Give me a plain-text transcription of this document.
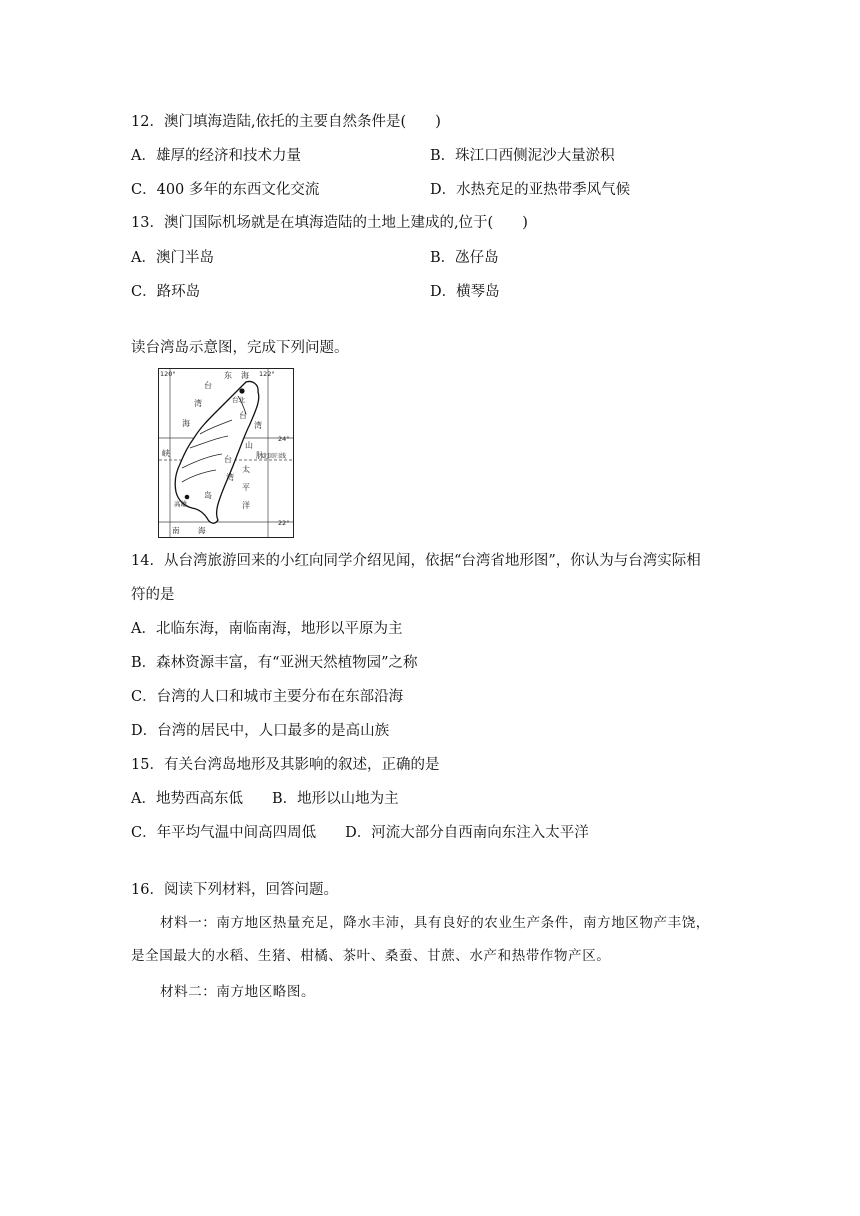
12．澳门填海造陆,依托的主要自然条件是(　　)
A．雄厚的经济和技术力量	B．珠江口西侧泥沙大量淤积
C．400 多年的东西文化交流	D．水热充足的亚热带季风气候
13．澳门国际机场就是在填海造陆的土地上建成的,位于(　　)
A．澳门半岛	B．氹仔岛
C．路环岛	D．横琴岛
读台湾岛示意图，完成下列问题。
120°	122°
24°
22°
北回归线
台北
高雄
东 海
台
湾
海
峡
台
湾
山
脉
太
平
洋
南 海
台
湾
岛
14．从台湾旅游回来的小红向同学介绍见闻，依据“台湾省地形图”，你认为与台湾实际相
符的是
A．北临东海，南临南海，地形以平原为主
B．森林资源丰富，有“亚洲天然植物园”之称
C．台湾的人口和城市主要分布在东部沿海
D．台湾的居民中，人口最多的是高山族
15．有关台湾岛地形及其影响的叙述，正确的是
A．地势西高东低　　B．地形以山地为主
C．年平均气温中间高四周低　　D．河流大部分自西南向东注入太平洋
16．阅读下列材料，回答问题。
材料一：南方地区热量充足，降水丰沛，具有良好的农业生产条件，南方地区物产丰饶，
是全国最大的水稻、生猪、柑橘、茶叶、桑蚕、甘蔗、水产和热带作物产区。
材料二：南方地区略图。
